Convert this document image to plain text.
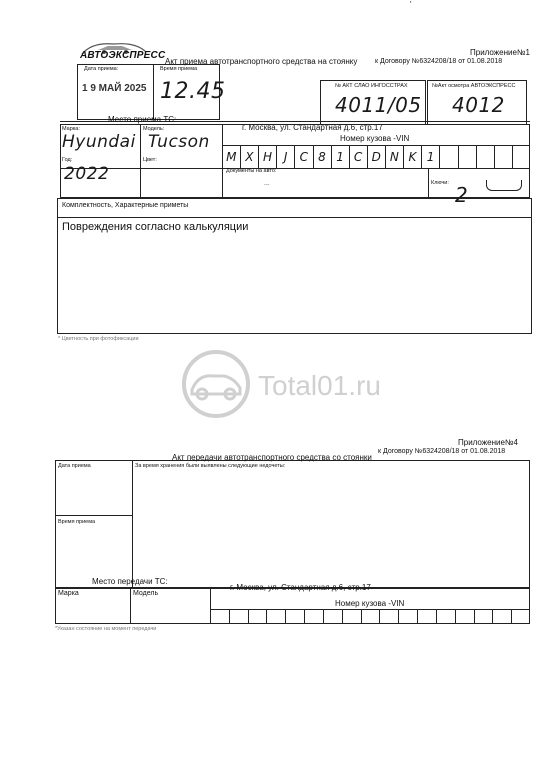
'
Приложение№1
к Договору №6324208/18 от 01.08.2018
АВТОЭКСПРЕСС
Акт приема автотранспортного средства на стоянку
Дата приема:
1 9 МАЙ 2025
Время приема
12.45	№ АКТ СЛАО ИНГОССТРАХ
4011/05
№Акт осмотра АВТОЭКСПРЕСС
4012
Место приема ТС:
г. Москва, ул. Стандартная д.6, стр.17
Номер кузова -VIN
Марка:
Hyundai
Модель:
Tucson
M X H J C 8 1 C D N K 1
Год:
2022
Цвет:
Документы на авто:
---	Ключи: 2
Комплектность, Характерные приметы
Повреждения согласно калькуляции
* Цветность при фотофиксации
Total01.ru
Приложение№4
к Договору №6324208/18 от 01.08.2018
Акт передачи автотранспортного средства со стоянки
Дата приема
Время приема
За время хранения были выявлены следующие недочеты:
Место передачи ТС:
г. Москва, ул. Стандартная д.6, стр.17
Марка	Модель
Номер кузова -VIN
*Указан состояние на момент передачи
